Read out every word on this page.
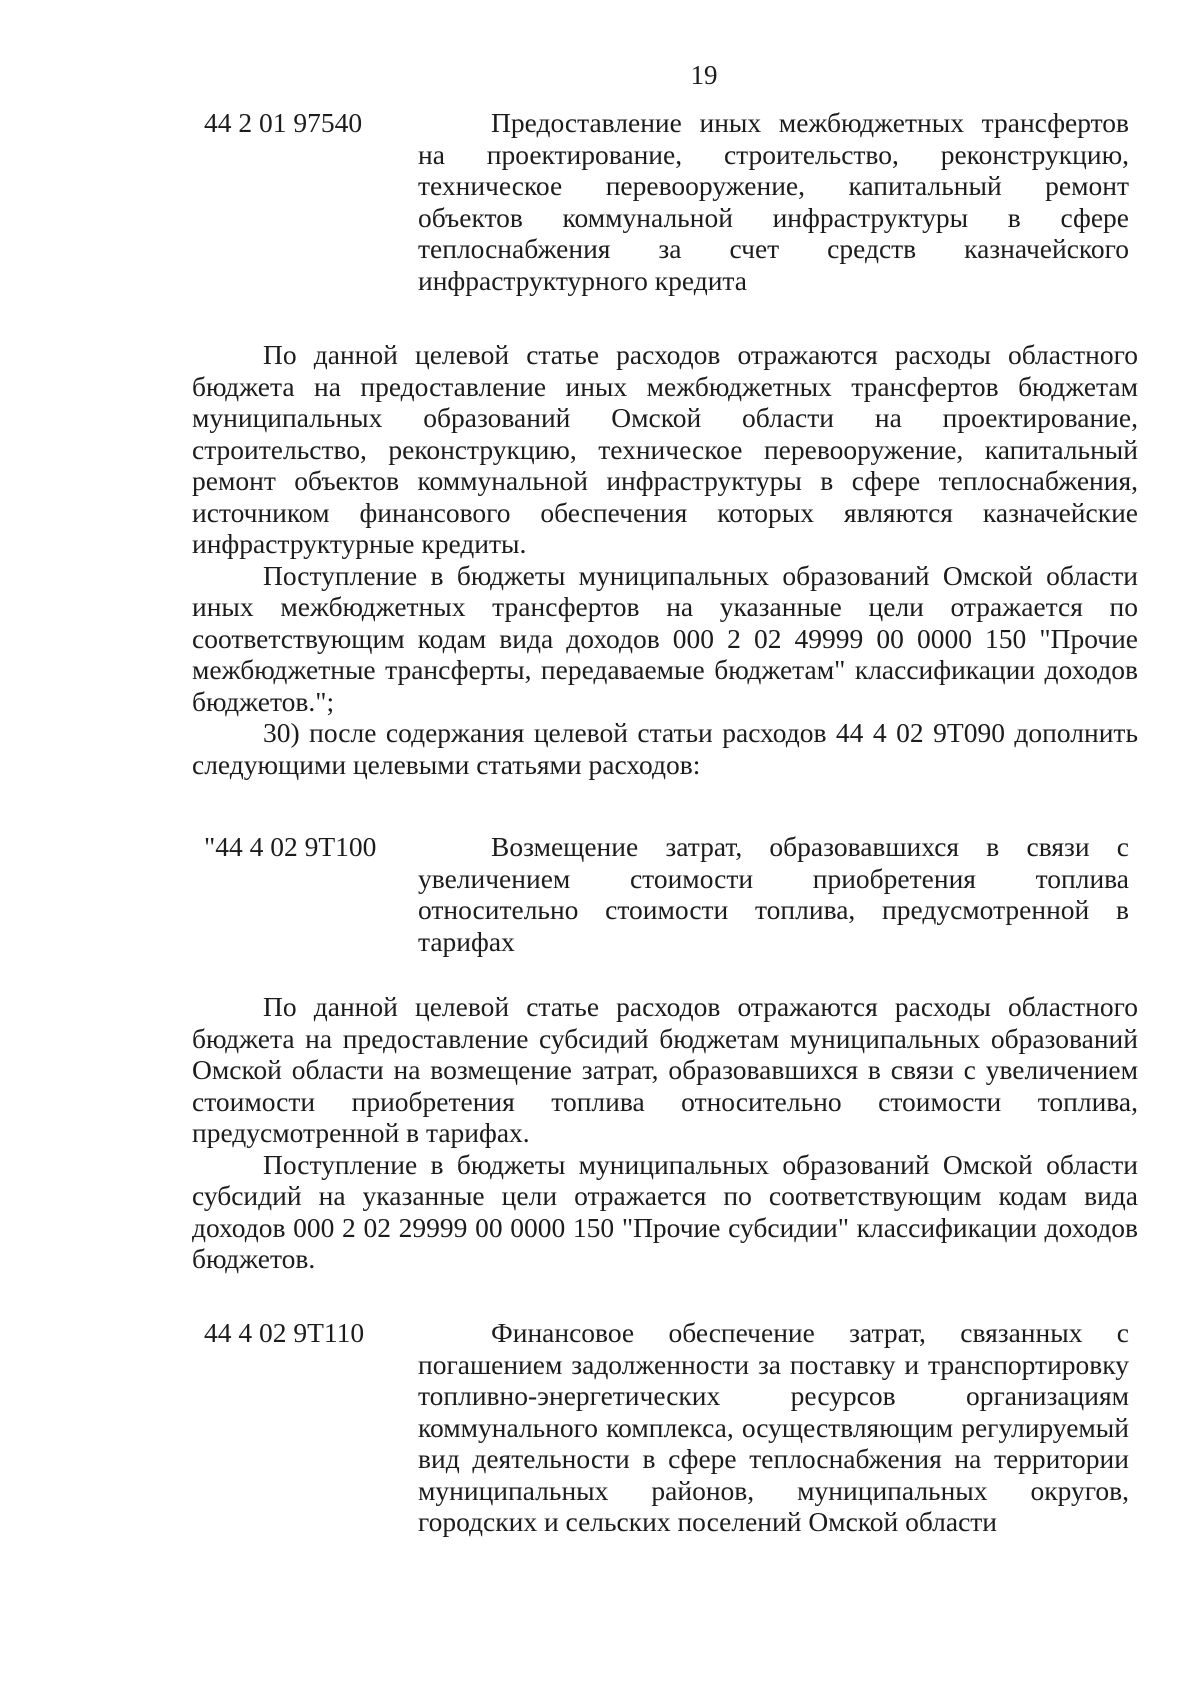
19
44 2 01 97540	Предоставление иных межбюджетных трансфертов на проектирование, строительство, реконструкцию, техническое перевооружение, капитальный ремонт объектов коммунальной инфраструктуры в сфере теплоснабжения за счет средств казначейского инфраструктурного кредита

По данной целевой статье расходов отражаются расходы областного бюджета на предоставление иных межбюджетных трансфертов бюджетам муниципальных образований Омской области на проектирование, строительство, реконструкцию, техническое перевооружение, капитальный ремонт объектов коммунальной инфраструктуры в сфере теплоснабжения, источником финансового обеспечения которых являются казначейские инфраструктурные кредиты.

Поступление в бюджеты муниципальных образований Омской области иных межбюджетных трансфертов на указанные цели отражается по соответствующим кодам вида доходов 000 2 02 49999 00 0000 150 "Прочие межбюджетные трансферты, передаваемые бюджетам" классификации доходов бюджетов.";

30) после содержания целевой статьи расходов 44 4 02 9Т090 дополнить следующими целевыми статьями расходов:

"44 4 02 9Т100	Возмещение затрат, образовавшихся в связи с увеличением стоимости приобретения топлива относительно стоимости топлива, предусмотренной в тарифах

По данной целевой статье расходов отражаются расходы областного бюджета на предоставление субсидий бюджетам муниципальных образований Омской области на возмещение затрат, образовавшихся в связи с увеличением стоимости приобретения топлива относительно стоимости топлива, предусмотренной в тарифах.

Поступление в бюджеты муниципальных образований Омской области субсидий на указанные цели отражается по соответствующим кодам вида доходов 000 2 02 29999 00 0000 150 "Прочие субсидии" классификации доходов бюджетов.

44 4 02 9Т110	Финансовое обеспечение затрат, связанных с погашением задолженности за поставку и транспортировку топливно-энергетических ресурсов организациям коммунального комплекса, осуществляющим регулируемый вид деятельности в сфере теплоснабжения на территории муниципальных районов, муниципальных округов, городских и сельских поселений Омской области
